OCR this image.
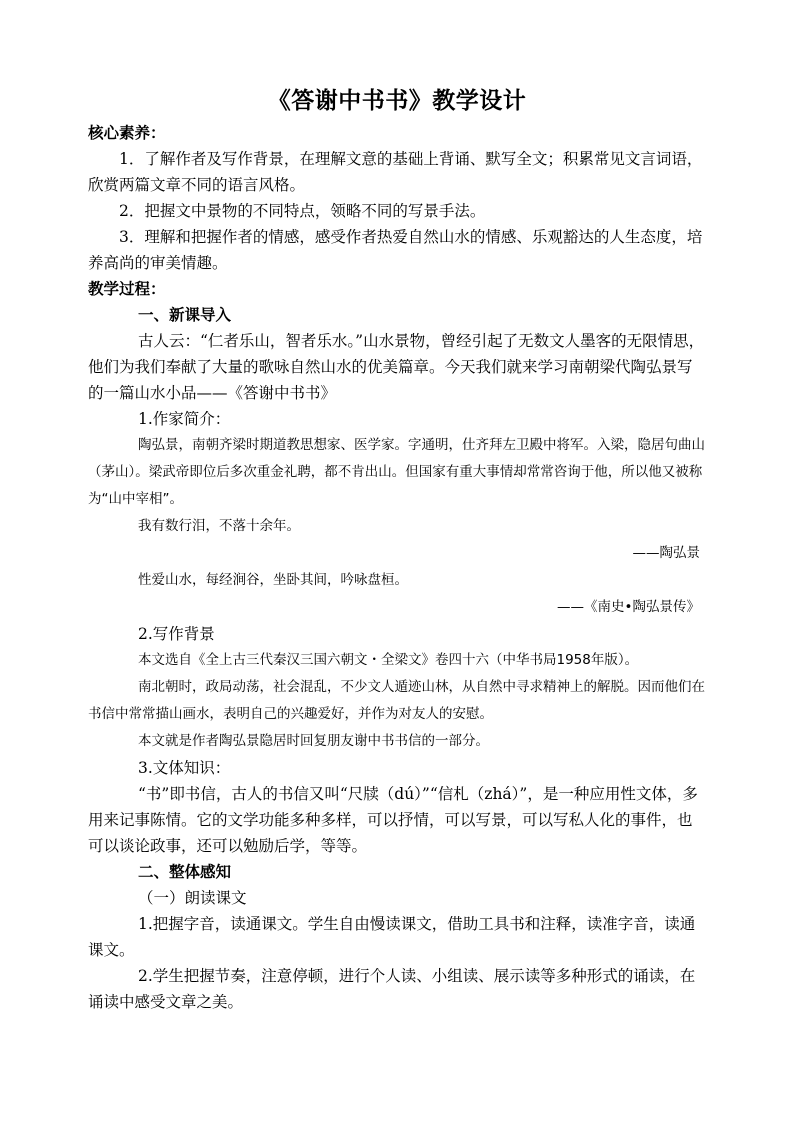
《答谢中书书》教学设计

核心素养：

1．了解作者及写作背景，在理解文意的基础上背诵、默写全文；积累常见文言词语，欣赏两篇文章不同的语言风格。

2．把握文中景物的不同特点，领略不同的写景手法。

3．理解和把握作者的情感，感受作者热爱自然山水的情感、乐观豁达的人生态度，培养高尚的审美情趣。

教学过程：

一、新课导入

古人云：“仁者乐山，智者乐水。”山水景物，曾经引起了无数文人墨客的无限情思，他们为我们奉献了大量的歌咏自然山水的优美篇章。今天我们就来学习南朝梁代陶弘景写的一篇山水小品——《答谢中书书》

1.作家简介：

陶弘景，南朝齐梁时期道教思想家、医学家。字通明，仕齐拜左卫殿中将军。入梁，隐居句曲山（茅山）。梁武帝即位后多次重金礼聘，都不肯出山。但国家有重大事情却常常咨询于他，所以他又被称为“山中宰相”。

我有数行泪，不落十余年。

——陶弘景

性爱山水，每经涧谷，坐卧其间，吟咏盘桓。

——《南史•陶弘景传》

2.写作背景

本文选自《全上古三代秦汉三国六朝文・全梁文》卷四十六（中华书局1958年版）。

南北朝时，政局动荡，社会混乱，不少文人遁迹山林，从自然中寻求精神上的解脱。因而他们在书信中常常描山画水，表明自己的兴趣爱好，并作为对友人的安慰。

本文就是作者陶弘景隐居时回复朋友谢中书书信的一部分。

3.文体知识：

“书”即书信，古人的书信又叫“尺牍（dú）”“信札（zhá）”，是一种应用性文体，多用来记事陈情。它的文学功能多种多样，可以抒情，可以写景，可以写私人化的事件，也可以谈论政事，还可以勉励后学，等等。

二、整体感知

（一）朗读课文

1.把握字音，读通课文。学生自由慢读课文，借助工具书和注释，读准字音，读通课文。

2.学生把握节奏，注意停顿，进行个人读、小组读、展示读等多种形式的诵读，在诵读中感受文章之美。
